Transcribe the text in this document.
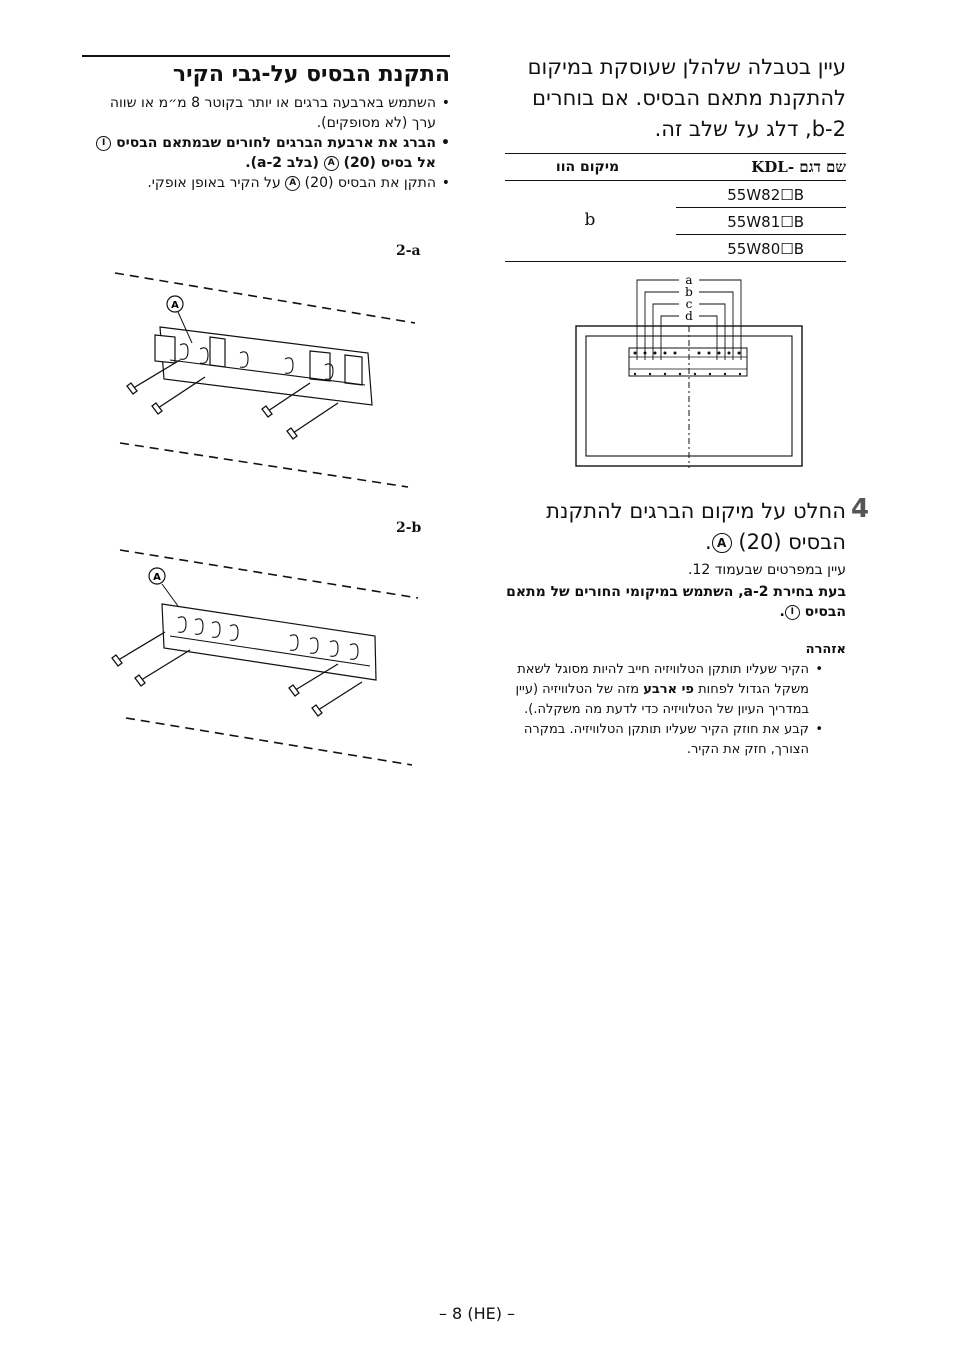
התקנת הבסיס על-גבי הקיר
• השתמש בארבעה ברגים או יותר בקוטר 8 מ״מ או שווה ערך (לא מסופקים).
• הברג את ארבעת הברגים לחורים שבמתאם הבסיס I אל בסיס (20) A (בלב 2-a).
• התקן את הבסיס (20) A על הקיר באופן אופקי.
2-a
A
2-b
A
עיין בטבלה שלהלן שעוסקת במיקום להתקנת מתאם הבסיס. אם בוחרים 2-b, דלג על שלב זה.
שם דגם -KDL
מיקום הוו
55W82☐B
55W81☐B
55W80☐B
b
a
b
c
d
4
החלט על מיקום הברגים להתקנת הבסיס (20) A.
עיין במפרטים שבעמוד 12.
בעת בחירת 2-a, השתמש במיקומי החורים של מתאם הבסיס I.
אזהרה
• הקיר שעליו תותקן הטלוויזיה חייב להיות מסוגל לשאת משקל הגדול לפחות פי ארבע מזה של הטלוויזיה (עיין במדריך העיון של הטלוויזיה כדי לדעת מה משקלה.).
• קבע את חוזק הקיר שעליו תותקן הטלוויזיה. במקרה הצורך, חזק את הקיר.
– 8 (HE) –
